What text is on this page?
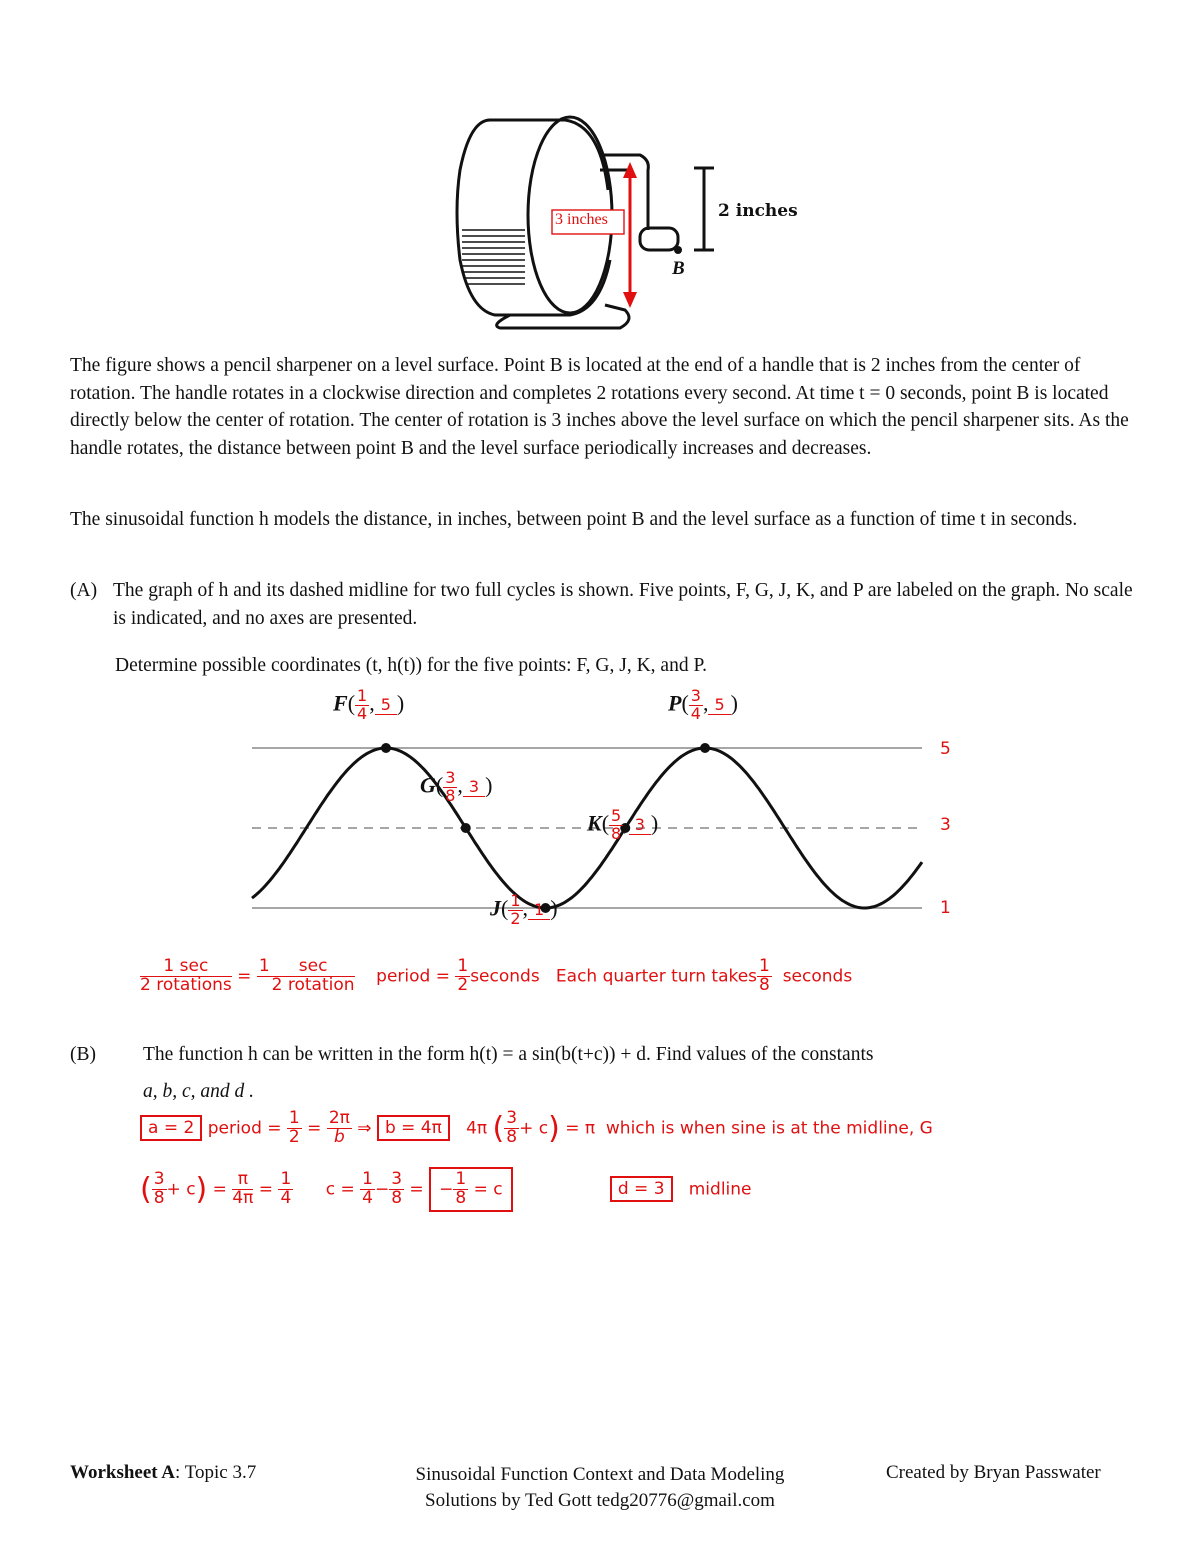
2 inches
B
3 inches
The figure shows a pencil sharpener on a level surface. Point B is located at the end of a handle that is 2 inches from the center of rotation. The handle rotates in a clockwise direction and completes 2 rotations every second. At time t = 0 seconds, point B is located directly below the center of rotation. The center of rotation is 3 inches above the level surface on which the pencil sharpener sits. As the handle rotates, the distance between point B and the level surface periodically increases and decreases.
The sinusoidal function h models the distance, in inches, between point B and the level surface as a function of time t in seconds.
(A) The graph of h and its dashed midline for two full cycles is shown. Five points, F, G, J, K, and P are labeled on the graph. No scale is indicated, and no axes are presented.
Determine possible coordinates (t, h(t)) for the five points: F, G, J, K, and P.
5
3
1
$F( \frac{1}{4}$ , 5 )	$P( \frac{3}{4}$ , 5 )
$G( \frac{3}{8}$ , 3 )
$K( \frac{5}{8}$ , 3 )
$J( \frac{1}{2}$ , 1 )
$\frac{1 \sec}{\text{2 rotations}}$ =
$1 \frac{\sec}{\text{2 rotation}}$ period = $\frac{1}{2}$ seconds Each quarter turn takes $\frac{1}{8}$ seconds
(B) The function h can be written in the form h(t) = a sin(b(t+c)) + d. Find values of the constants
a, b, c, and d .
a = 2 period = $\frac{1}{2} = \frac{2\pi}{b}$ ⇒ b = 4π 4π ( $\frac{3}{8} + c) = \pi$ which is when sine is at the midline, G
( $\frac{3}{8} + c) = \frac{\pi}{4\pi} = \frac{1}{4}$ $c = \frac{1}{4} - \frac{3}{8}$ = − $\frac{1}{8} = c$	d = 3 midline
Worksheet A: Topic 3.7	Sinusoidal Function Context and Data Modeling
Solutions by Ted Gott tedg20776@gmail.com
Created by Bryan Passwater
